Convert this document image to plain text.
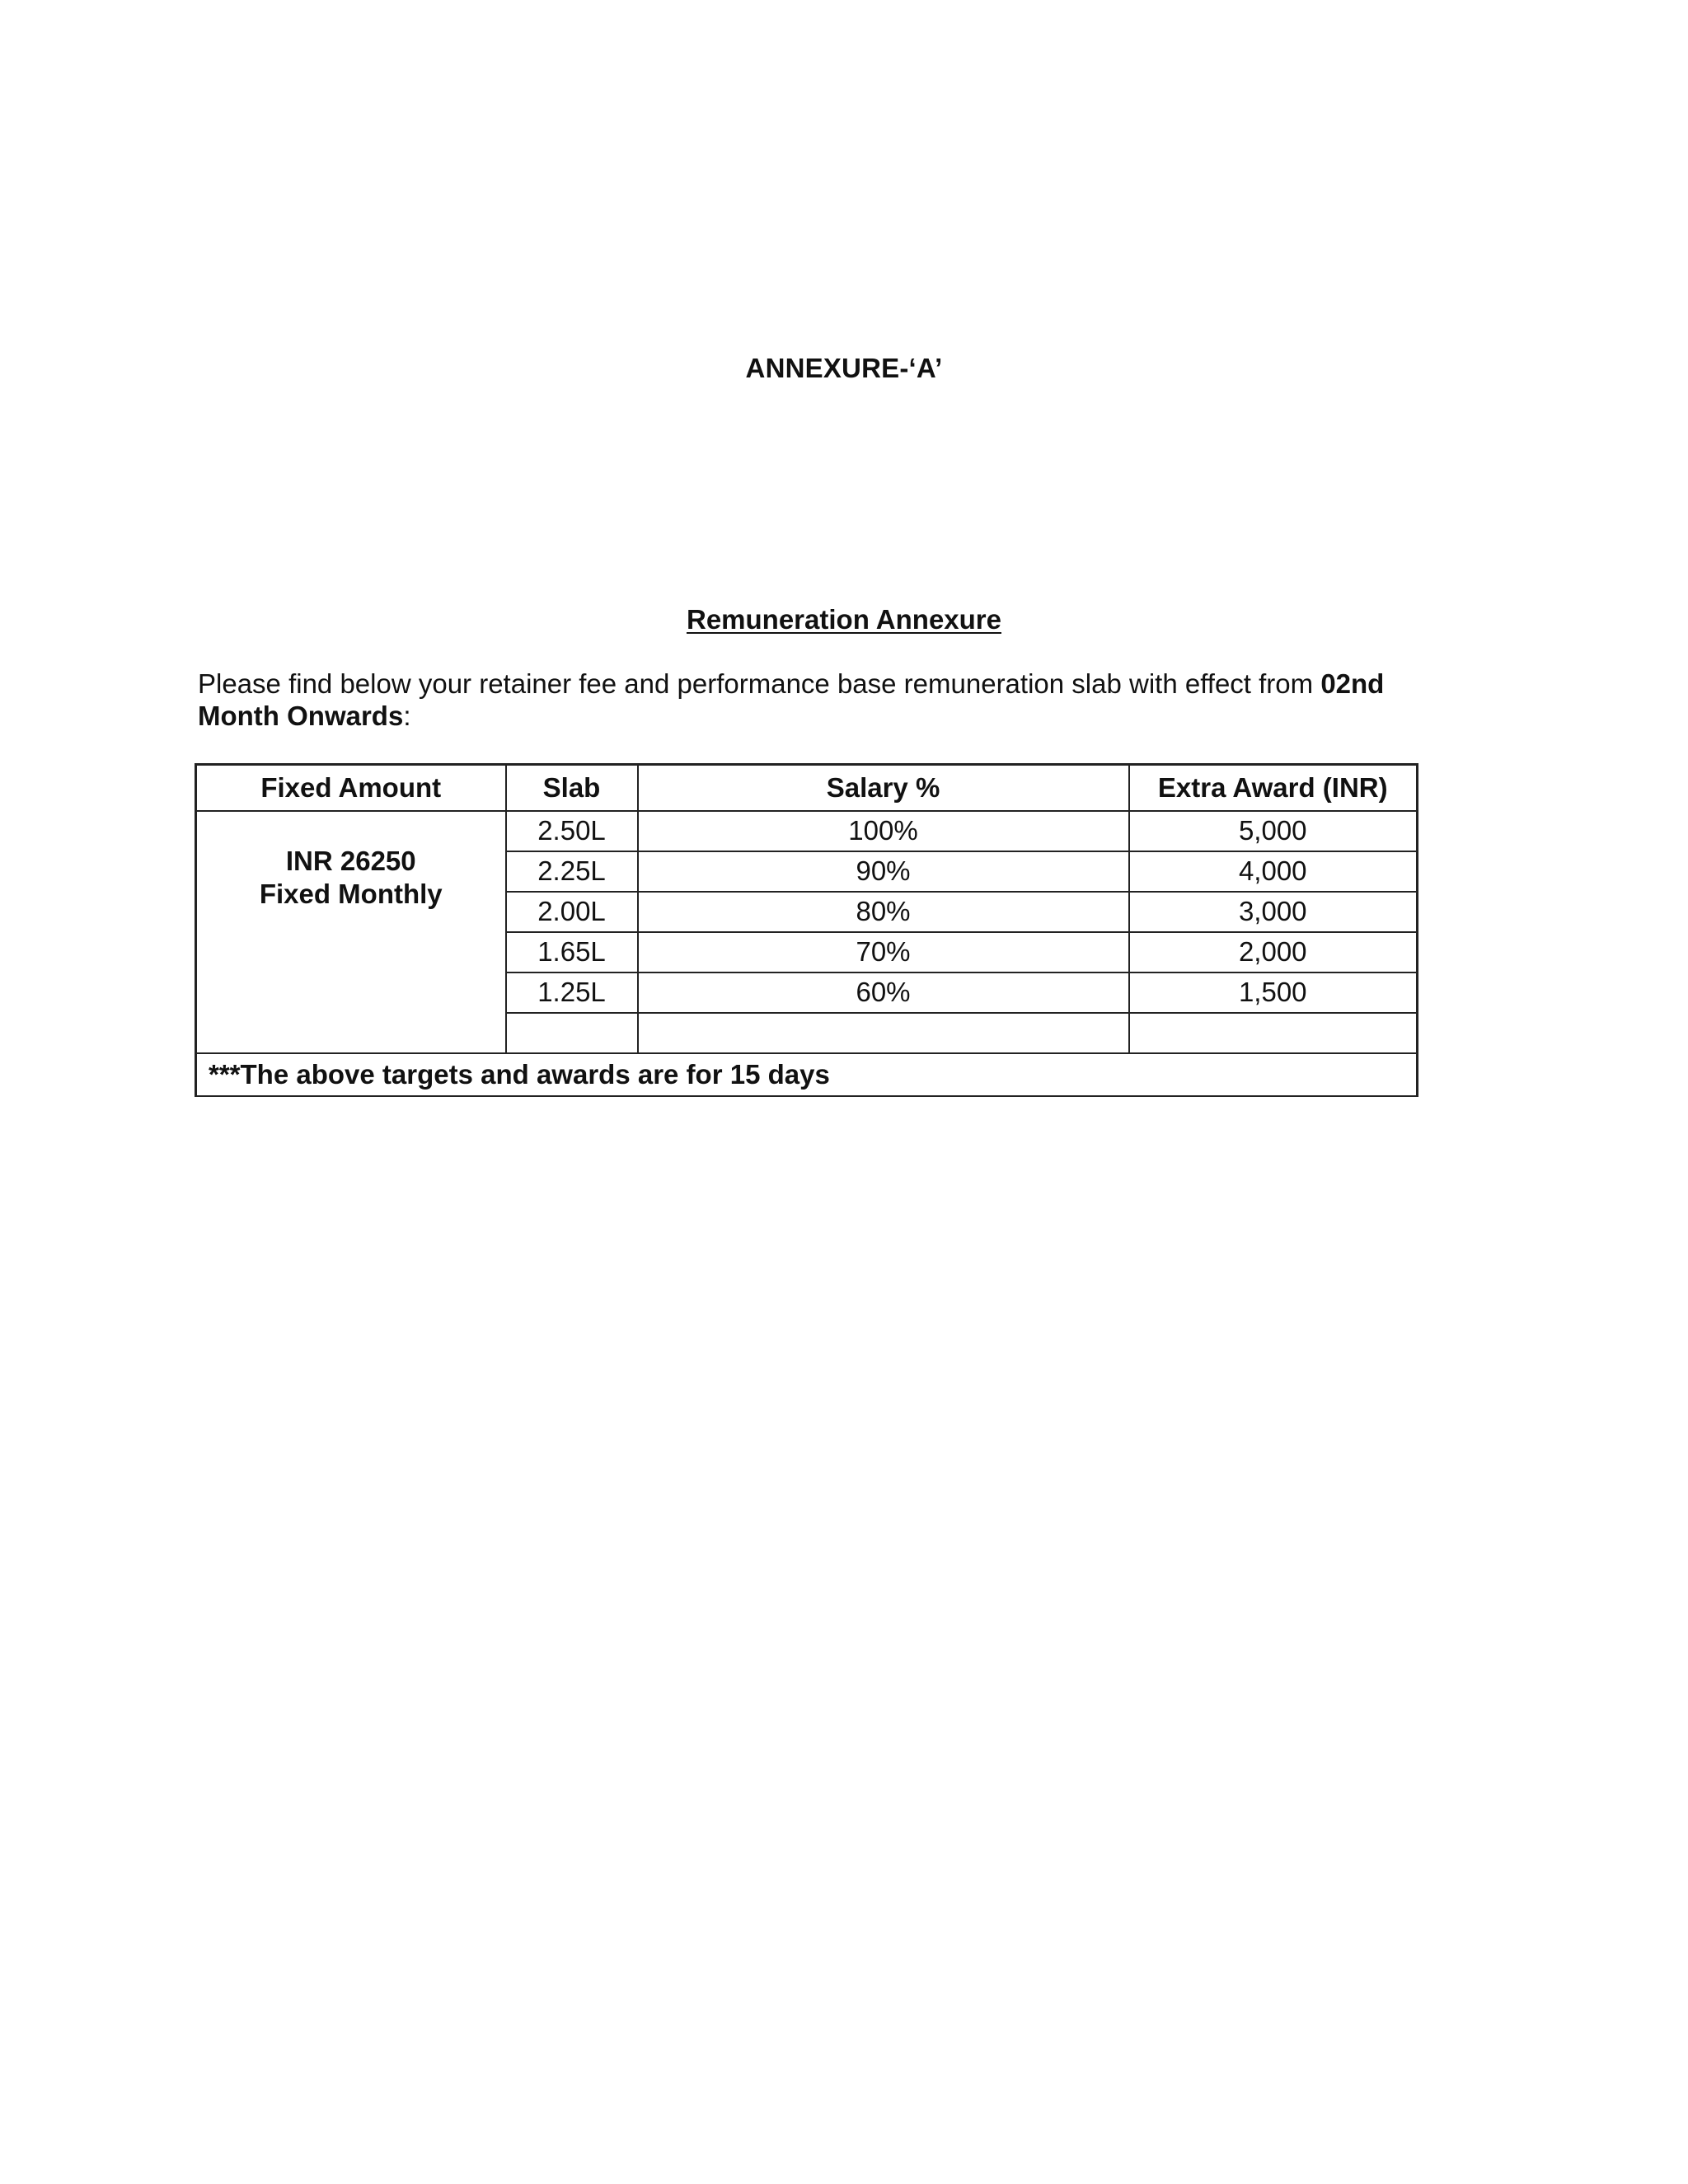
ANNEXURE-‘A’
Remuneration Annexure
Please find below your retainer fee and performance base remuneration slab with effect from 02nd
Month Onwards:
Fixed Amount	Slab	Salary %	Extra Award (INR)

INR 26250
Fixed Monthly	2.50L	100%	5,000
	2.25L	90%	4,000
	2.00L	80%	3,000
	1.65L	70%	2,000
	1.25L	60%	1,500

***The above targets and awards are for 15 days			
